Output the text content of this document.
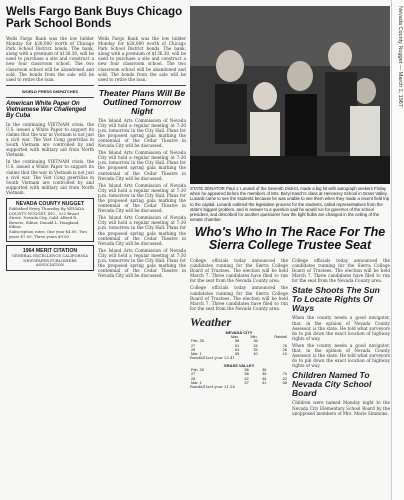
Nevada County Nugget — March 1, 1967
Wells Fargo Bank Buys Chicago Park School Bonds
Wells Fargo Bank was the low bidder Monday for $28,000 worth of Chicago Park School District bonds. The bank, along with a premium of $136.30, will be used to purchase a site and construct a new four classroom school. The two classroom school will be abandoned and sold. The bonds from the sale will be used to retire the loan.
WORLD PRESS DISPATCHES
American White Paper On Vietnamese War Challenged By Cuba
In the continuing VIETNAM crisis, the U.S. issued a White Paper to support its claims that the war in Vietnam is not just a civil war. The Viet Cong guerrillas in South Vietnam are controlled by and supported with military aid from North Vietnam.
In the continuing VIETNAM crisis, the U.S. issued a White Paper to support its claims that the war in Vietnam is not just a civil war. The Viet Cong guerrillas in South Vietnam are controlled by and supported with military aid from North Vietnam.
NEVADA COUNTY NUGGET
Published Every Thursday By NEVADA COUNTY NUGGET, INC., 322 Broad Street, Nevada City, Calif. Alfred R. Bowers, Editor. Donald L. Hoagland, Editor.
Subscription rates: One year $4.00. Two years $7.00. Three years $9.00
1964 MERIT CITATION
GENERAL EXCELLENCE CALIFORNIA NEWSPAPER PUBLISHERS ASSOCIATION
Wells Fargo Bank was the low bidder Monday for $28,000 worth of Chicago Park School District bonds. The bank, along with a premium of $136.30, will be used to purchase a site and construct a new four classroom school. The two classroom school will be abandoned and sold. The bonds from the sale will be used to retire the loan.
Theater Plans Will Be Outlined Tomorrow Night
The Island Arts Commission of Nevada City will hold a regular meeting at 7:30 p.m. tomorrow in the City Hall. Plans for the proposed spring gala marking the centennial of the Cedar Theatre in Nevada City will be discussed.
The Island Arts Commission of Nevada City will hold a regular meeting at 7:30 p.m. tomorrow in the City Hall. Plans for the proposed spring gala marking the centennial of the Cedar Theatre in Nevada City will be discussed.
The Island Arts Commission of Nevada City will hold a regular meeting at 7:30 p.m. tomorrow in the City Hall. Plans for the proposed spring gala marking the centennial of the Cedar Theatre in Nevada City will be discussed.
The Island Arts Commission of Nevada City will hold a regular meeting at 7:30 p.m. tomorrow in the City Hall. Plans for the proposed spring gala marking the centennial of the Cedar Theatre in Nevada City will be discussed.
The Island Arts Commission of Nevada City will hold a regular meeting at 7:30 p.m. tomorrow in the City Hall. Plans for the proposed spring gala marking the centennial of the Cedar Theatre in Nevada City will be discussed.
STATE SENATOR Paul J. Lunardi of the Seventh District, made a big hit with autograph seekers Friday when he appeared before the members of Mrs. Beryl Kasch's class at Hennessy School in Grass Valley. Lunardi came to see the students because he was unable to see them when they made a recent field trip to the capital. Lunardi outlined the legislative process for the students, called representatives from the state's biggest problem, and in answer to a question said he would run for governor of the school president, and described for another questioner how the light bulbs are changed in the ceiling of the senate chamber.
Who's Who In The Race For The Sierra College Trustee Seat
College officials today announced the candidates running for the Sierra College Board of Trustees. The election will be held March 7. Three candidates have filed to run for the seat from the Nevada County area.
College officials today announced the candidates running for the Sierra College Board of Trustees. The election will be held March 7. Three candidates have filed to run for the seat from the Nevada County area.
Weather
NEVADA CITY
	Max.	Min.	Rainfall
Feb. 26	58	35	
27	61	34	.78
28	64	35	.26
Mar. 1	59	40	.10
Rainfall last year 23.41
GRASS VALLEY
Feb. 26	56	36	
27	58	35	.76
28	62	36	.22
Mar. 1	57	41	.08
Rainfall last year 21.54
College officials today announced the candidates running for the Sierra College Board of Trustees. The election will be held March 7. Three candidates have filed to run for the seat from the Nevada County area.
State Shoots The Sun To Locate Rights Of Ways
When the county needs a good navigator, that, in the opinion of Nevada County Assessor, is the state. He told what surveyors do to pin down the exact location of highway rights of way.
When the county needs a good navigator, that, in the opinion of Nevada County Assessor, is the state. He told what surveyors do to pin down the exact location of highway rights of way.
Children Named To Nevada City School Board
Children were named Monday night to the Nevada City Elementary School Board by the unopposed members of Mrs. Marie Simmons.
